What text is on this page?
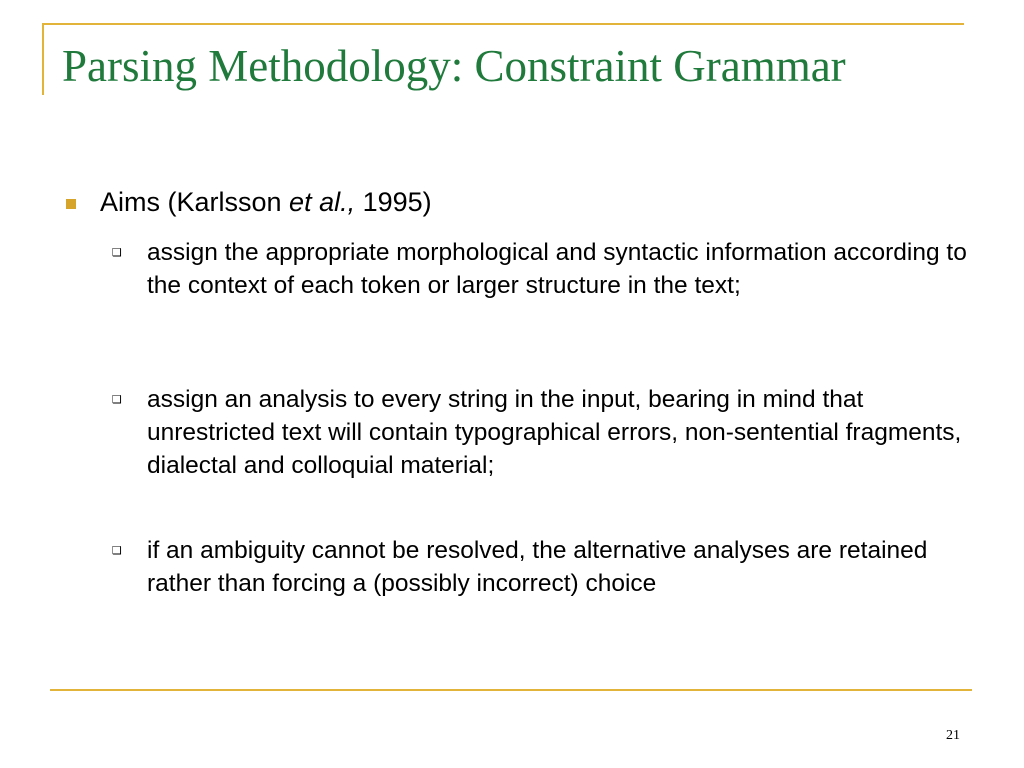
Parsing Methodology: Constraint Grammar
Aims (Karlsson et al., 1995)
❑ assign the appropriate morphological and syntactic information according to the context of each token or larger structure in the text;
❑ assign an analysis to every string in the input, bearing in mind that unrestricted text will contain typographical errors, non-sentential fragments, dialectal and colloquial material;
❑ if an ambiguity cannot be resolved, the alternative analyses are retained rather than forcing a (possibly incorrect) choice
21
